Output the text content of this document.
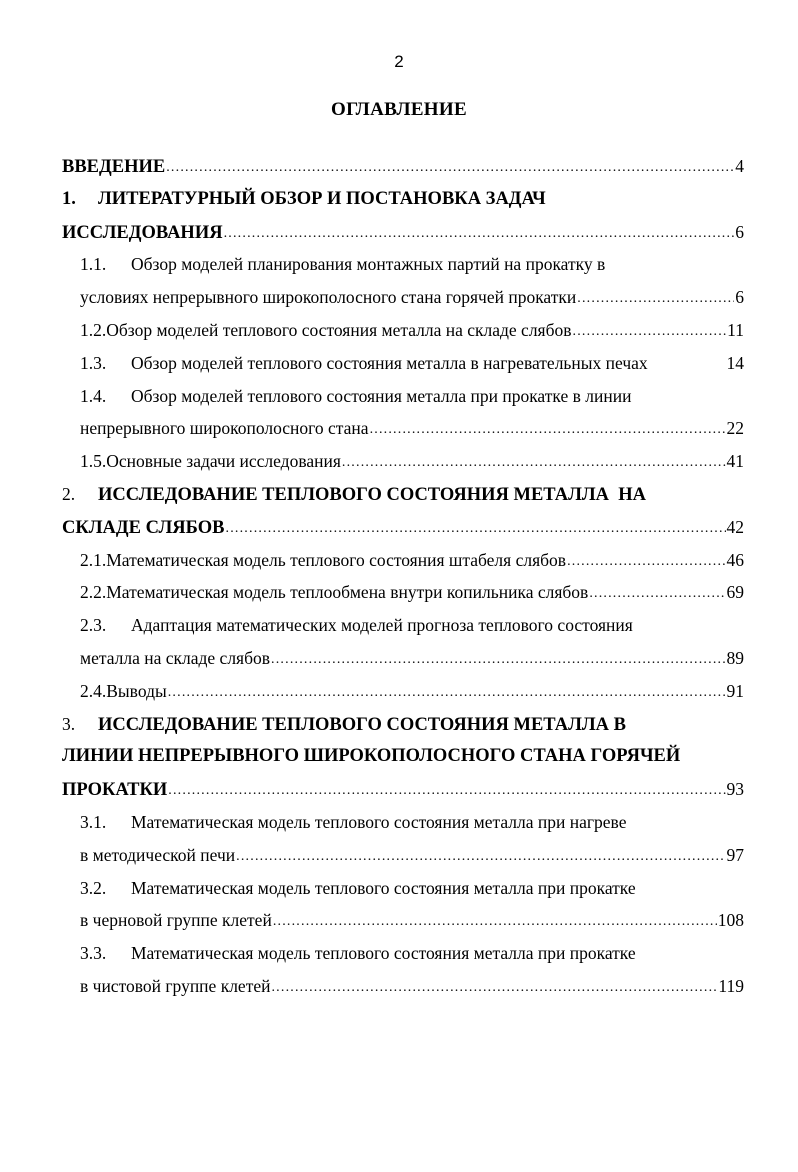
2
ОГЛАВЛЕНИЕ
ВВЕДЕНИЕ .....	4
1.	ЛИТЕРАТУРНЫЙ ОБЗОР И ПОСТАНОВКА ЗАДАЧ
ИССЛЕДОВАНИЯ .....	6
1.1.	Обзор моделей планирования монтажных партий на прокатку в
условиях непрерывного широкополосного стана горячей прокатки .....	6
1.2. Обзор моделей теплового состояния металла на складе слябов .....	11
1.3.	Обзор моделей теплового состояния металла в нагревательных печах	14
1.4.	Обзор моделей теплового состояния металла при прокатке в линии
непрерывного широкополосного стана .....	22
1.5. Основные задачи исследования .....	41
2.	ИССЛЕДОВАНИЕ ТЕПЛОВОГО СОСТОЯНИЯ МЕТАЛЛА  НА
СКЛАДЕ СЛЯБОВ .....	42
2.1. Математическая модель теплового состояния штабеля слябов .....	46
2.2. Математическая модель теплообмена внутри копильника слябов .....	69
2.3.	Адаптация математических моделей прогноза теплового состояния
металла на складе слябов .....	89
2.4. Выводы .....	91
3.	ИССЛЕДОВАНИЕ ТЕПЛОВОГО СОСТОЯНИЯ МЕТАЛЛА В
ЛИНИИ НЕПРЕРЫВНОГО ШИРОКОПОЛОСНОГО СТАНА ГОРЯЧЕЙ
ПРОКАТКИ .....	93
3.1.	Математическая модель теплового состояния металла при нагреве
в методической печи .....	97
3.2.	Математическая модель теплового состояния металла при прокатке
в черновой группе клетей .....	108
3.3.	Математическая модель теплового состояния металла при прокатке
в чистовой группе клетей .....	119
